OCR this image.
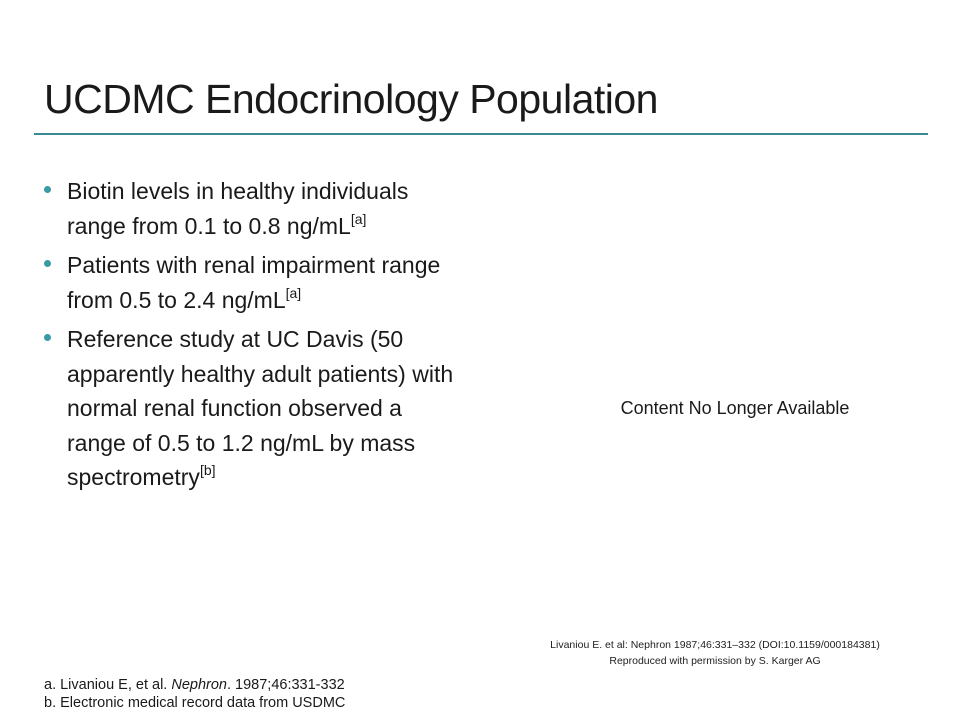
UCDMC Endocrinology Population
Biotin levels in healthy individuals range from 0.1 to 0.8 ng/mL[a]
Patients with renal impairment range from 0.5 to 2.4 ng/mL[a]
Reference study at UC Davis (50 apparently healthy adult patients) with normal renal function observed a range of 0.5 to 1.2 ng/mL by mass spectrometry[b]
Content No Longer Available
Livaniou E. et al: Nephron 1987;46:331–332 (DOI:10.1159/000184381)
Reproduced with permission by S. Karger AG
a. Livaniou E, et al. Nephron. 1987;46:331-332
b. Electronic medical record data from USDMC
